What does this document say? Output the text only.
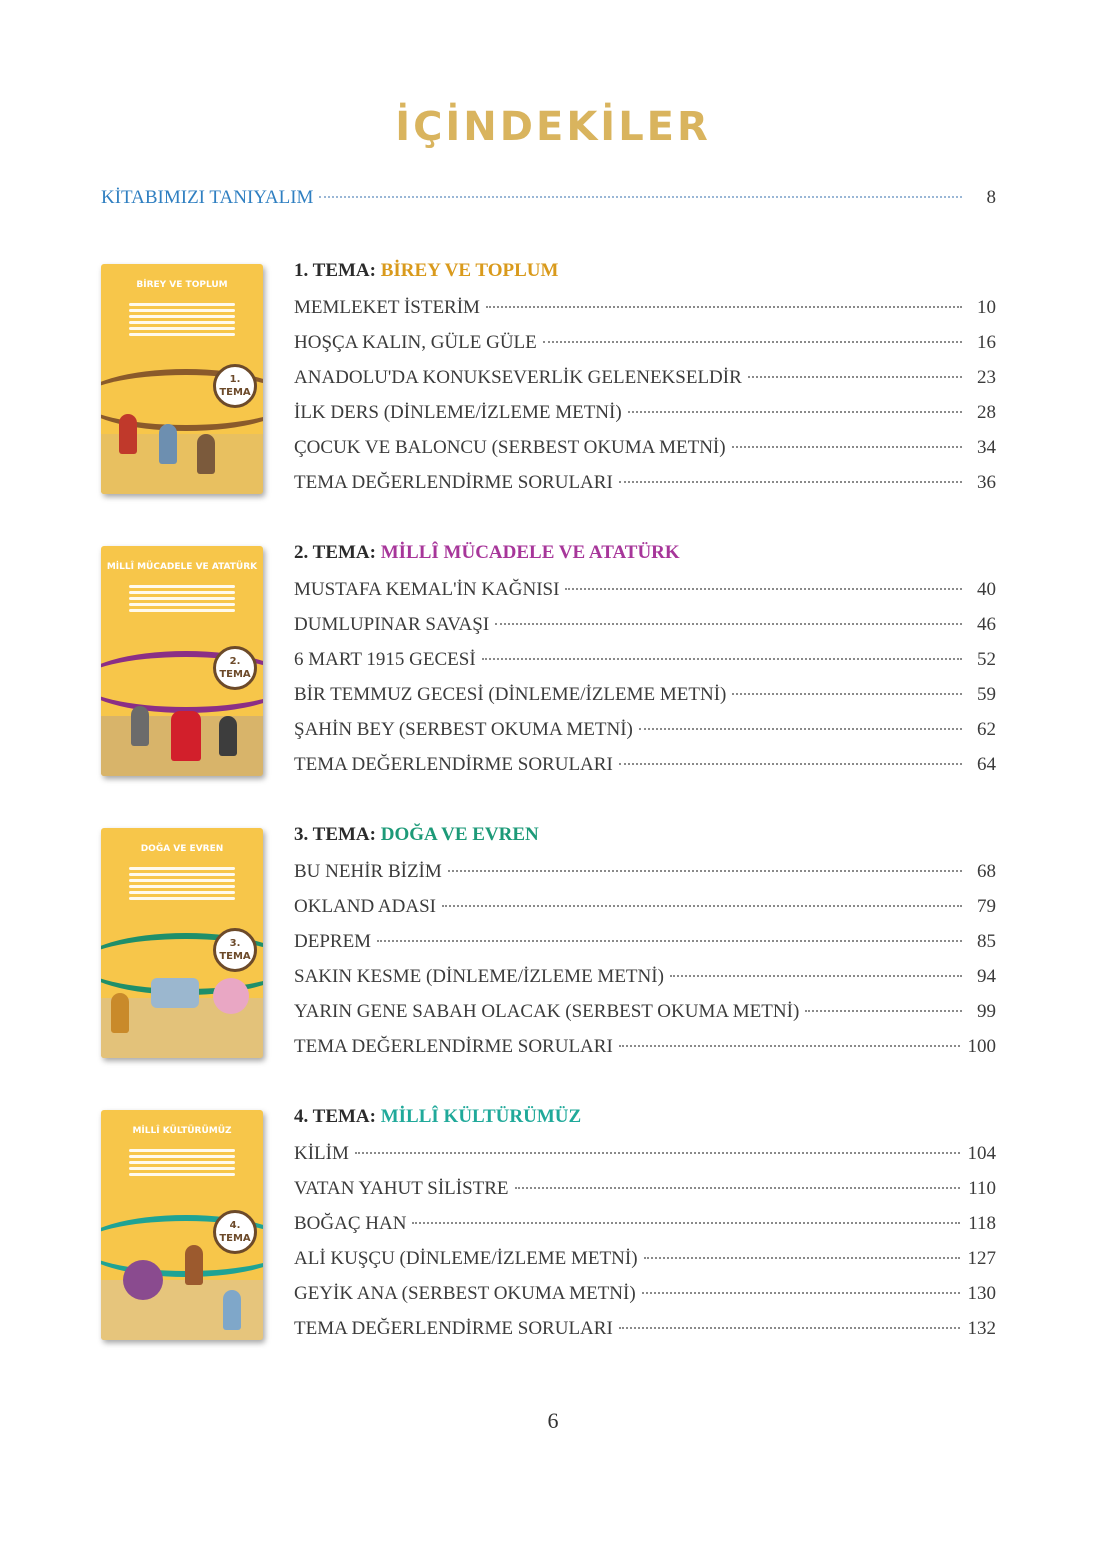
İÇİNDEKİLER
KİTABIMIZI TANIYALIM	8
BİREY VE TOPLUM
1.
TEMA
1. TEMA: BİREY VE TOPLUM
MEMLEKET İSTERİM	10
HOŞÇA KALIN, GÜLE GÜLE	16
ANADOLU'DA KONUKSEVERLİK GELENEKSELDİR	23
İLK DERS (DİNLEME/İZLEME METNİ)	28
ÇOCUK VE BALONCU (SERBEST OKUMA METNİ)	34
TEMA DEĞERLENDİRME SORULARI	36
MİLLÎ MÜCADELE VE ATATÜRK
2.
TEMA
2. TEMA: MİLLÎ MÜCADELE VE ATATÜRK
MUSTAFA KEMAL'İN KAĞNISI	40
DUMLUPINAR SAVAŞI	46
6 MART 1915 GECESİ	52
BİR TEMMUZ GECESİ (DİNLEME/İZLEME METNİ)	59
ŞAHİN BEY (SERBEST OKUMA METNİ)	62
TEMA DEĞERLENDİRME SORULARI	64
DOĞA VE EVREN
3.
TEMA
3. TEMA: DOĞA VE EVREN
BU NEHİR BİZİM	68
OKLAND ADASI	79
DEPREM	85
SAKIN KESME (DİNLEME/İZLEME METNİ)	94
YARIN GENE SABAH OLACAK (SERBEST OKUMA METNİ)	99
TEMA DEĞERLENDİRME SORULARI	100
MİLLÎ KÜLTÜRÜMÜZ
4.
TEMA
4. TEMA: MİLLÎ KÜLTÜRÜMÜZ
KİLİM	104
VATAN YAHUT SİLİSTRE	110
BOĞAÇ HAN	118
ALİ KUŞÇU (DİNLEME/İZLEME METNİ)	127
GEYİK ANA (SERBEST OKUMA METNİ)	130
TEMA DEĞERLENDİRME SORULARI	132
6
